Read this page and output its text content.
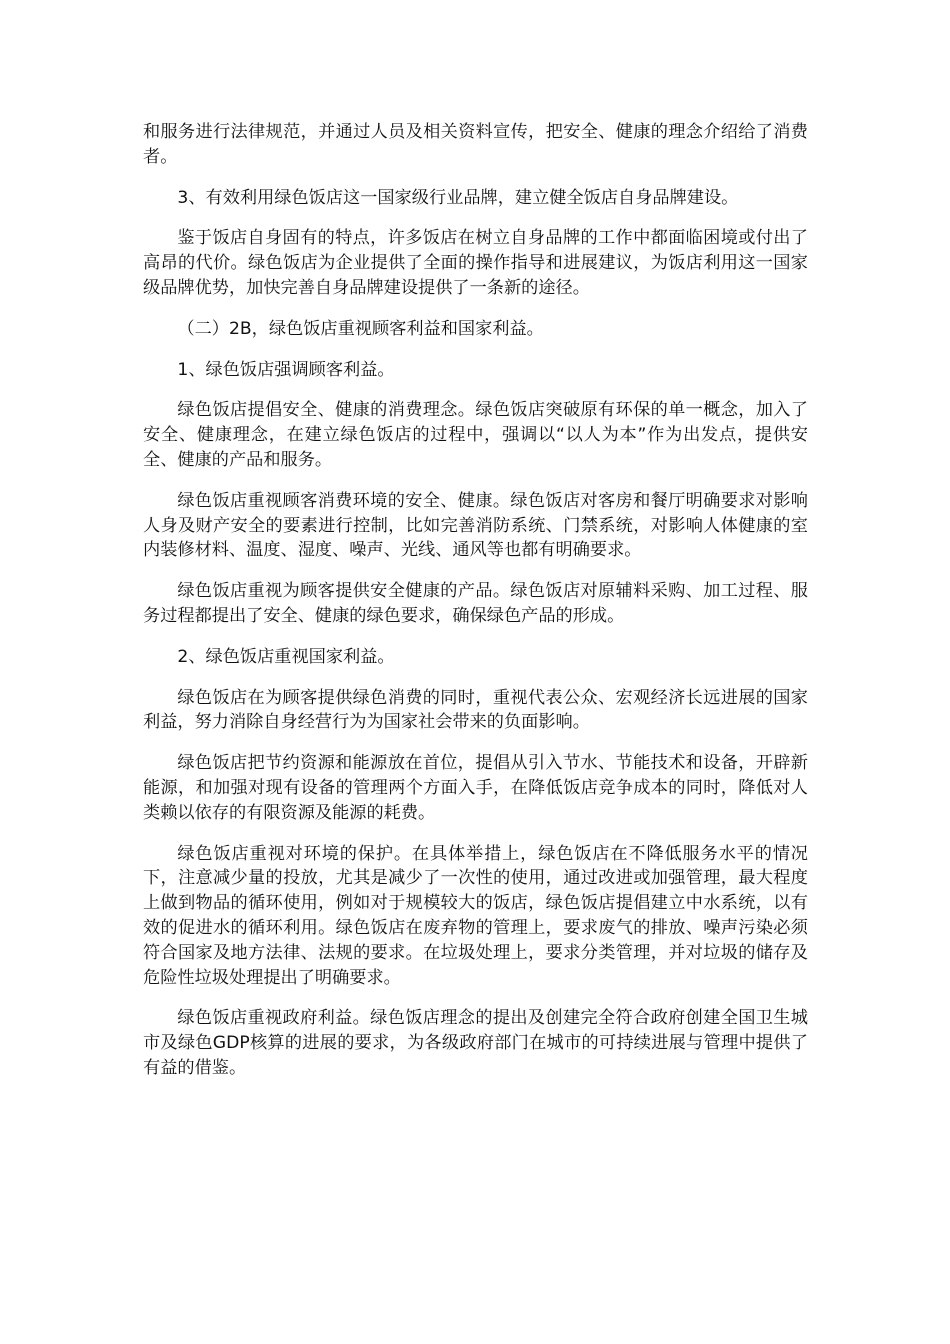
和服务进行法律规范，并通过人员及相关资料宣传，把安全、健康的理念介绍给了消费者。

3、有效利用绿色饭店这一国家级行业品牌，建立健全饭店自身品牌建设。

鉴于饭店自身固有的特点，许多饭店在树立自身品牌的工作中都面临困境或付出了高昂的代价。绿色饭店为企业提供了全面的操作指导和进展建议，为饭店利用这一国家级品牌优势，加快完善自身品牌建设提供了一条新的途径。

（二）2B，绿色饭店重视顾客利益和国家利益。

1、绿色饭店强调顾客利益。

绿色饭店提倡安全、健康的消费理念。绿色饭店突破原有环保的单一概念，加入了安全、健康理念，在建立绿色饭店的过程中，强调以“以人为本”作为出发点，提供安全、健康的产品和服务。

绿色饭店重视顾客消费环境的安全、健康。绿色饭店对客房和餐厅明确要求对影响人身及财产安全的要素进行控制，比如完善消防系统、门禁系统，对影响人体健康的室内装修材料、温度、湿度、噪声、光线、通风等也都有明确要求。

绿色饭店重视为顾客提供安全健康的产品。绿色饭店对原辅料采购、加工过程、服务过程都提出了安全、健康的绿色要求，确保绿色产品的形成。

2、绿色饭店重视国家利益。

绿色饭店在为顾客提供绿色消费的同时，重视代表公众、宏观经济长远进展的国家利益，努力消除自身经营行为为国家社会带来的负面影响。

绿色饭店把节约资源和能源放在首位，提倡从引入节水、节能技术和设备，开辟新能源，和加强对现有设备的管理两个方面入手，在降低饭店竞争成本的同时，降低对人类赖以依存的有限资源及能源的耗费。

绿色饭店重视对环境的保护。在具体举措上，绿色饭店在不降低服务水平的情况下，注意减少量的投放，尤其是减少了一次性的使用，通过改进或加强管理，最大程度上做到物品的循环使用，例如对于规模较大的饭店，绿色饭店提倡建立中水系统，以有效的促进水的循环利用。绿色饭店在废弃物的管理上，要求废气的排放、噪声污染必须符合国家及地方法律、法规的要求。在垃圾处理上，要求分类管理，并对垃圾的储存及危险性垃圾处理提出了明确要求。

绿色饭店重视政府利益。绿色饭店理念的提出及创建完全符合政府创建全国卫生城市及绿色GDP核算的进展的要求，为各级政府部门在城市的可持续进展与管理中提供了有益的借鉴。
